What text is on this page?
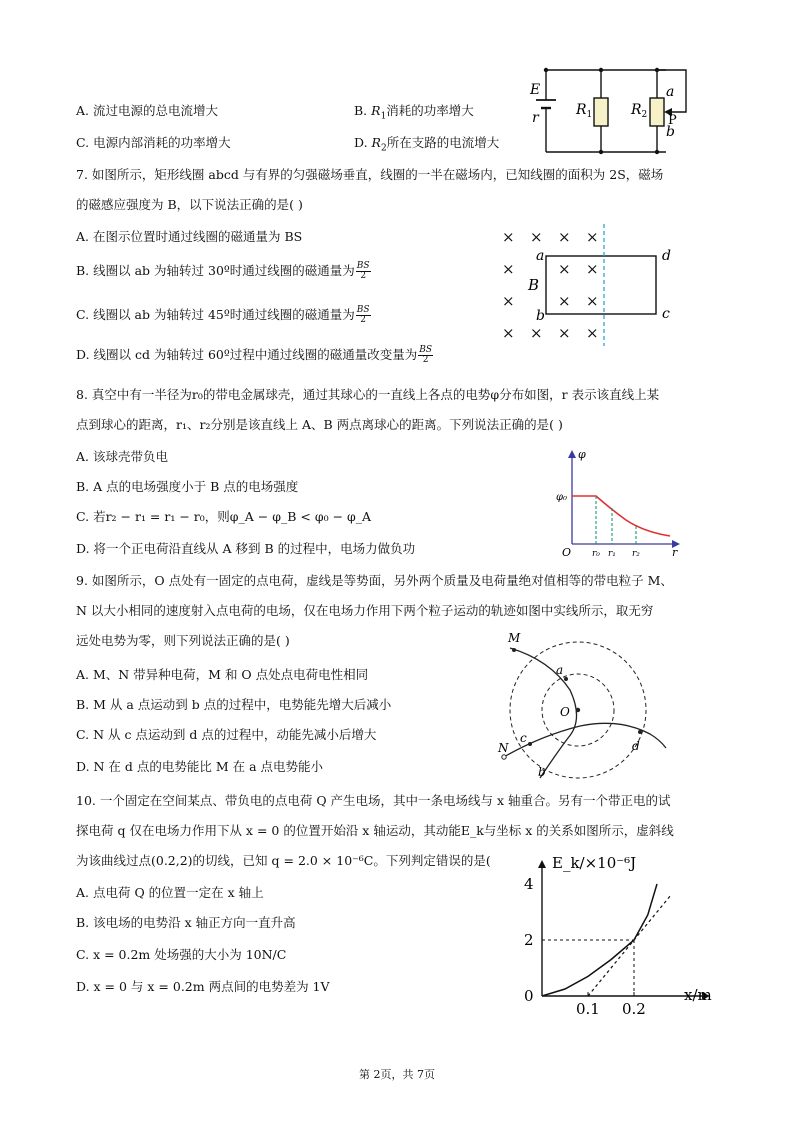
A. 流过电源的总电流增大	B. $R_1$消耗的功率增大
C. 电源内部消耗的功率增大	D. $R_2$所在支路的电流增大
E
r	$R_1$	$R_2$
a
P
b
7. 如图所示，矩形线圈 abcd 与有界的匀强磁场垂直，线圈的一半在磁场内，已知线圈的面积为 2S，磁场
的磁感应强度为 B，以下说法正确的是( )
A. 在图示位置时通过线圈的磁通量为 BS
B. 线圈以 ab 为轴转过 30º时通过线圈的磁通量为 $\frac{BS}{2}$
C. 线圈以 ab 为轴转过 45º时通过线圈的磁通量为 $\frac{BS}{2}$
D. 线圈以 cd 为轴转过 60º过程中通过线圈的磁通量改变量为 $\frac{BS}{2}$
× × × ×
×	× ×
×	× ×
× × × ×
a
B
b
d
c
8. 真空中有一半径为r₀的带电金属球壳，通过其球心的一直线上各点的电势φ分布如图，r 表示该直线上某
点到球心的距离，r₁、r₂分别是该直线上 A、B 两点离球心的距离。下列说法正确的是( )
A. 该球壳带负电
B. A 点的电场强度小于 B 点的电场强度
C. 若r₂ − r₁ = r₁ − r₀，则φ_A − φ_B < φ₀ − φ_A
D. 将一个正电荷沿直线从 A 移到 B 的过程中，电场力做负功
φ
φ₀
O r₀ r₁ r₂	r
9. 如图所示，O 点处有一固定的点电荷，虚线是等势面，另外两个质量及电荷量绝对值相等的带电粒子 M、
N 以大小相同的速度射入点电荷的电场，仅在电场力作用下两个粒子运动的轨迹如图中实线所示，取无穷
远处电势为零，则下列说法正确的是( )
A. M、N 带异种电荷，M 和 O 点处点电荷电性相同
B. M 从 a 点运动到 b 点的过程中，电势能先增大后减小
C. N 从 c 点运动到 d 点的过程中，动能先减小后增大
D. N 在 d 点的电势能比 M 在 a 点电势能小
M
a
O
c
N	d
b
10. 一个固定在空间某点、带负电的点电荷 Q 产生电场，其中一条电场线与 x 轴重合。另有一个带正电的试
探电荷 q 仅在电场力作用下从 x = 0 的位置开始沿 x 轴运动，其动能E_k与坐标 x 的关系如图所示，虚斜线
为该曲线过点(0.2,2)的切线，已知 q = 2.0 × 10⁻⁶C。下列判定错误的是(
A. 点电荷 Q 的位置一定在 x 轴上
B. 该电场的电势沿 x 轴正方向一直升高
C. x = 0.2m 处场强的大小为 10N/C
D. x = 0 与 x = 0.2m 两点间的电势差为 1V
0
2
4
0.1 0.2
E_k/×10⁻⁶J
x/m
第 2页，共 7页
